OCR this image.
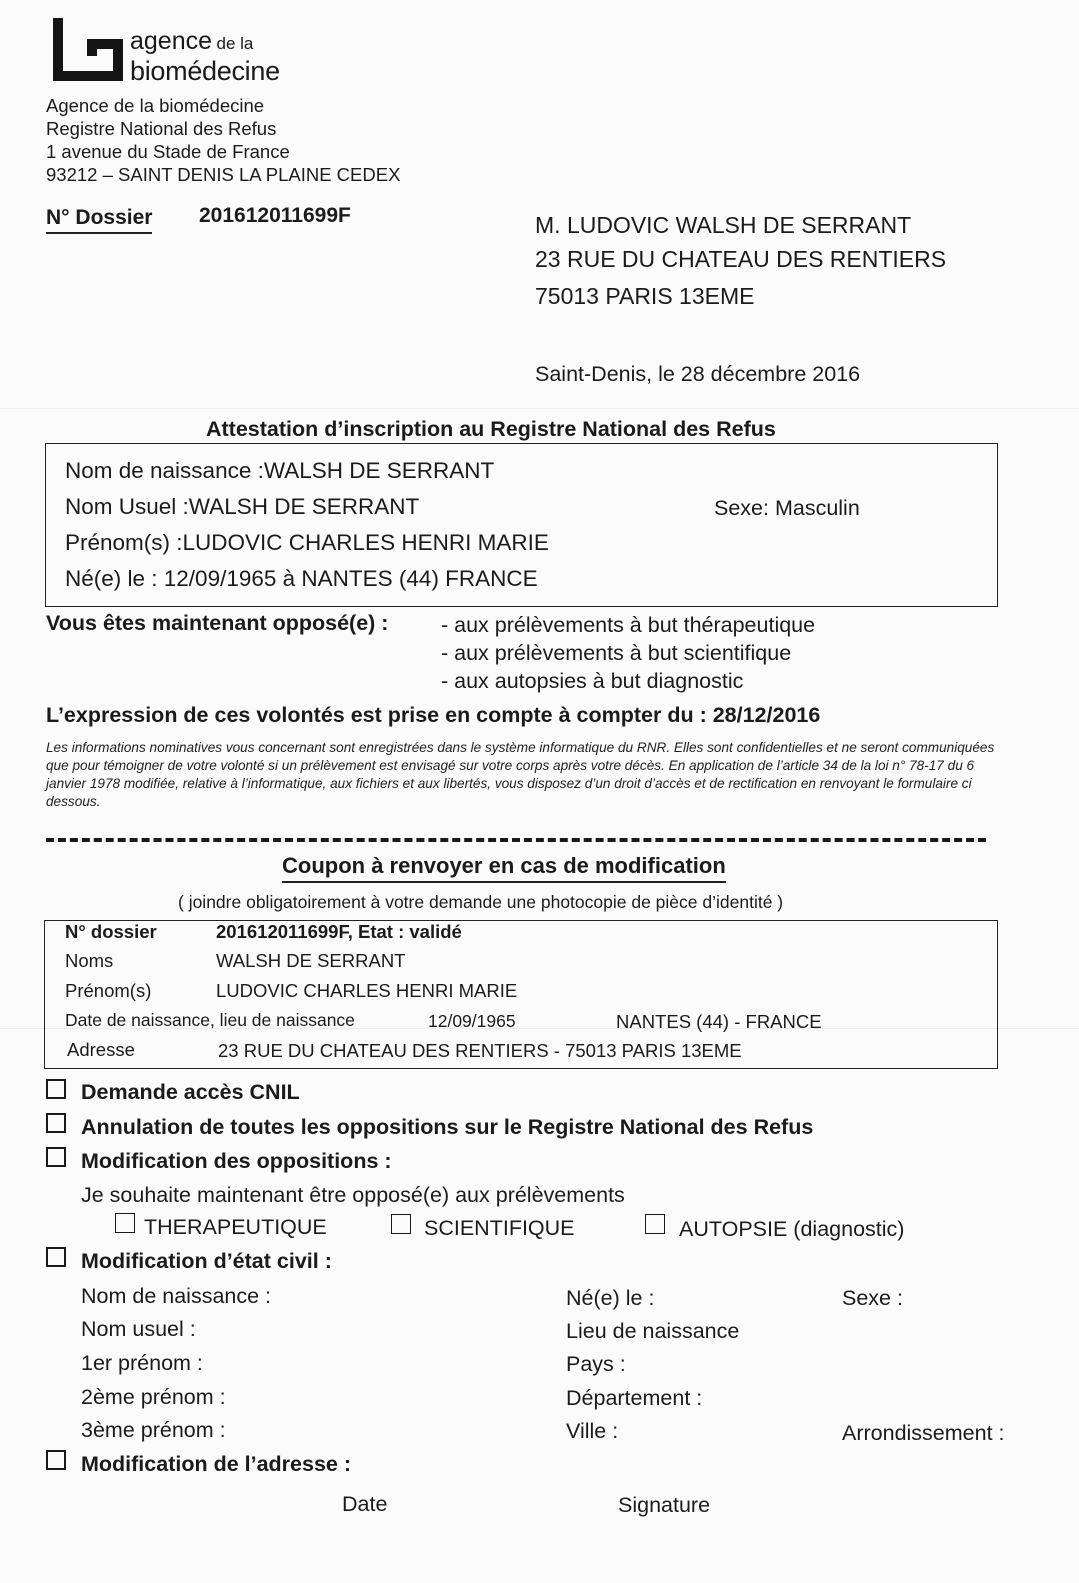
agence de la
biomédecine
Agence de la biomédecine
Registre National des Refus
1 avenue du Stade de France
93212 – SAINT DENIS LA PLAINE CEDEX
N° Dossier 201612011699F	M. LUDOVIC WALSH DE SERRANT
23 RUE DU CHATEAU DES RENTIERS
75013 PARIS 13EME
Saint-Denis, le 28 décembre 2016
Attestation d’inscription au Registre National des Refus
Nom de naissance :WALSH DE SERRANT
Nom Usuel :WALSH DE SERRANT
Prénom(s) :LUDOVIC CHARLES HENRI MARIE
Né(e) le : 12/09/1965 à NANTES (44) FRANCE
Sexe: Masculin
Vous êtes maintenant opposé(e) : - aux prélèvements à but thérapeutique
- aux prélèvements à but scientifique
- aux autopsies à but diagnostic
L’expression de ces volontés est prise en compte à compter du : 28/12/2016
Les informations nominatives vous concernant sont enregistrées dans le système informatique du RNR. Elles sont confidentielles et ne seront communiquées que pour témoigner de votre volonté si un prélèvement est envisagé sur votre corps après votre décès. En application de l’article 34 de la loi n° 78-17 du 6 janvier 1978 modifiée, relative à l’informatique, aux fichiers et aux libertés, vous disposez d’un droit d’accès et de rectification en renvoyant le formulaire ci dessous.
Coupon à renvoyer en cas de modification
( joindre obligatoirement à votre demande une photocopie de pièce d’identité )
N° dossier	201612011699F, Etat : validé
Noms	WALSH DE SERRANT
Prénom(s)	LUDOVIC CHARLES HENRI MARIE
Date de naissance, lieu de naissance	12/09/1965	NANTES (44) - FRANCE
Adresse	23 RUE DU CHATEAU DES RENTIERS - 75013 PARIS 13EME
Demande accès CNIL
Annulation de toutes les oppositions sur le Registre National des Refus
Modification des oppositions :
Je souhaite maintenant être opposé(e) aux prélèvements
THERAPEUTIQUE	SCIENTIFIQUE	AUTOPSIE (diagnostic)
Modification d’état civil :
Nom de naissance :
Nom usuel :
1er prénom :
2ème prénom :
3ème prénom :
Né(e) le :
Lieu de naissance
Pays :
Département :
Ville :
Sexe :
Arrondissement :
Modification de l’adresse :
Date	Signature
